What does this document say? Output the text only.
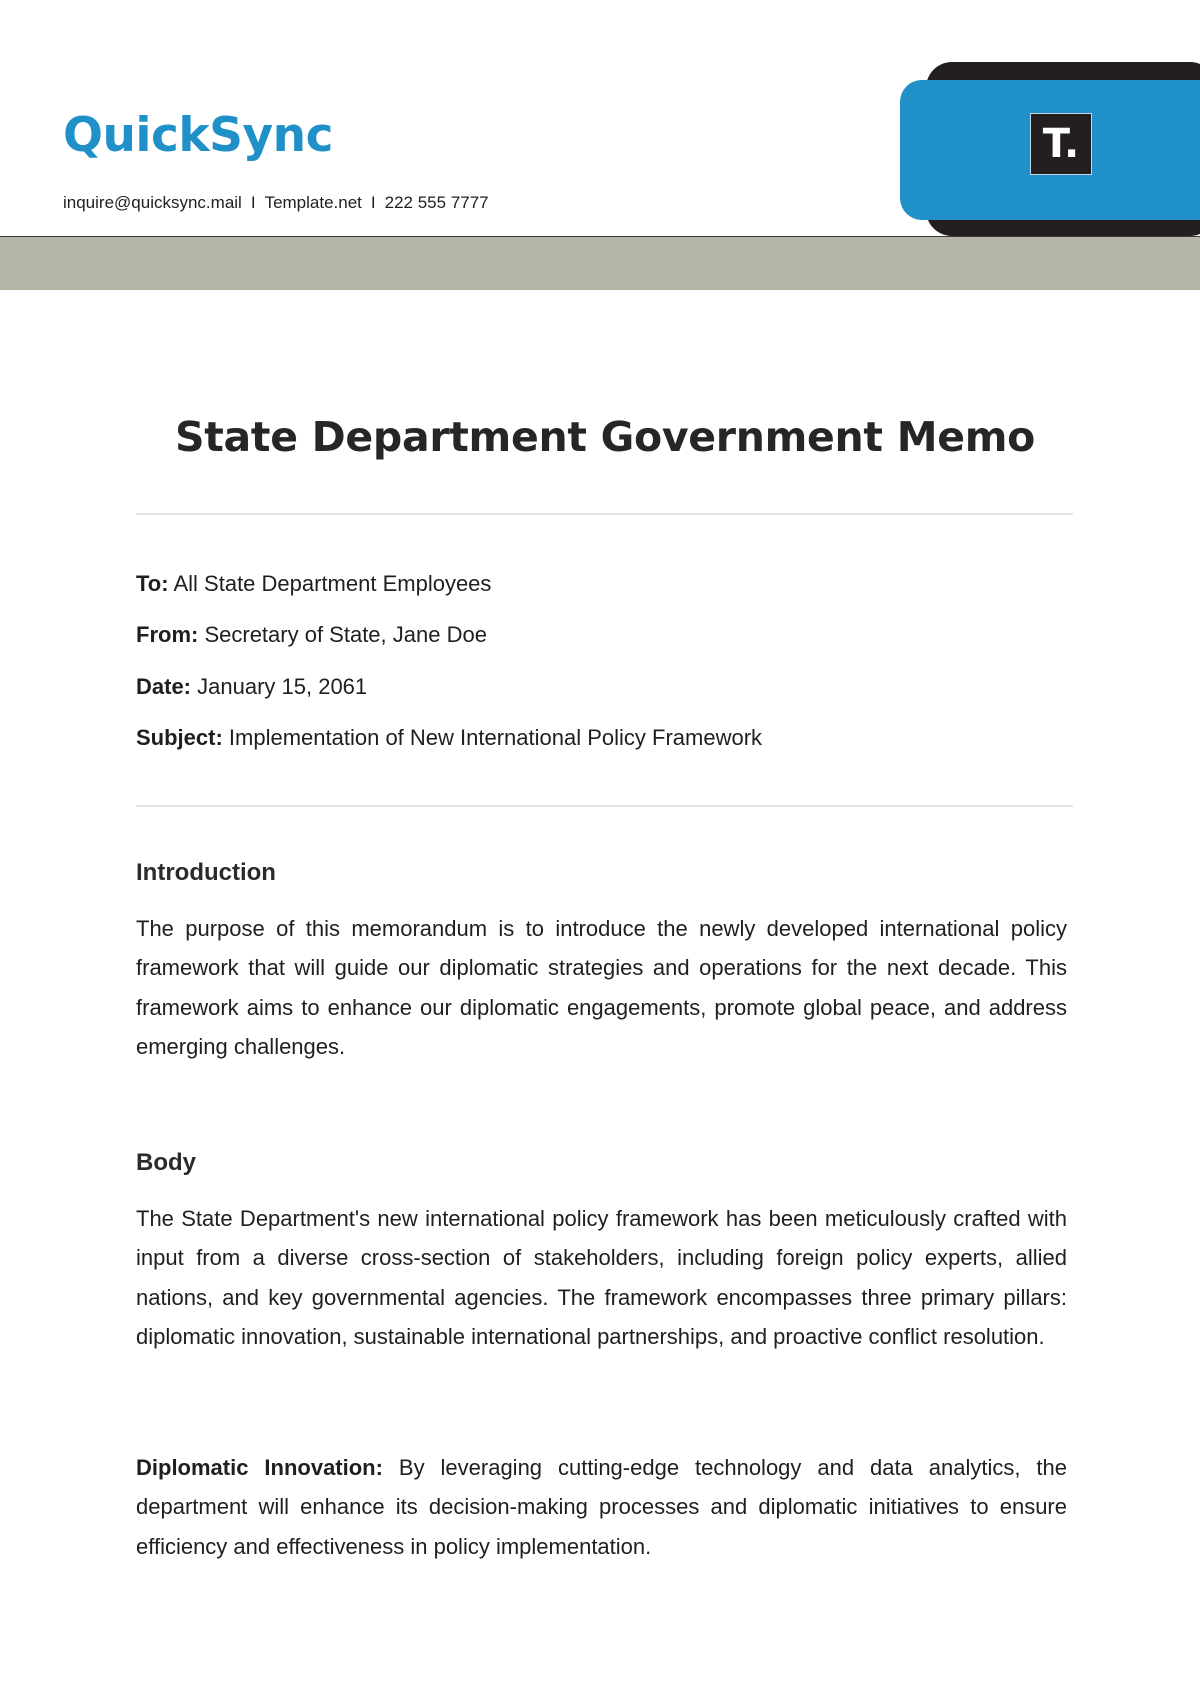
QuickSync
inquire@quicksync.mail I Template.net I 222 555 7777
T.
State Department Government Memo
To: All State Department Employees
From: Secretary of State, Jane Doe
Date: January 15, 2061
Subject: Implementation of New International Policy Framework
Introduction

The purpose of this memorandum is to introduce the newly developed international policy framework that will guide our diplomatic strategies and operations for the next decade. This framework aims to enhance our diplomatic engagements, promote global peace, and address emerging challenges.

Body

The State Department's new international policy framework has been meticulously crafted with input from a diverse cross-section of stakeholders, including foreign policy experts, allied nations, and key governmental agencies. The framework encompasses three primary pillars: diplomatic innovation, sustainable international partnerships, and proactive conflict resolution.

Diplomatic Innovation: By leveraging cutting-edge technology and data analytics, the department will enhance its decision-making processes and diplomatic initiatives to ensure efficiency and effectiveness in policy implementation.
